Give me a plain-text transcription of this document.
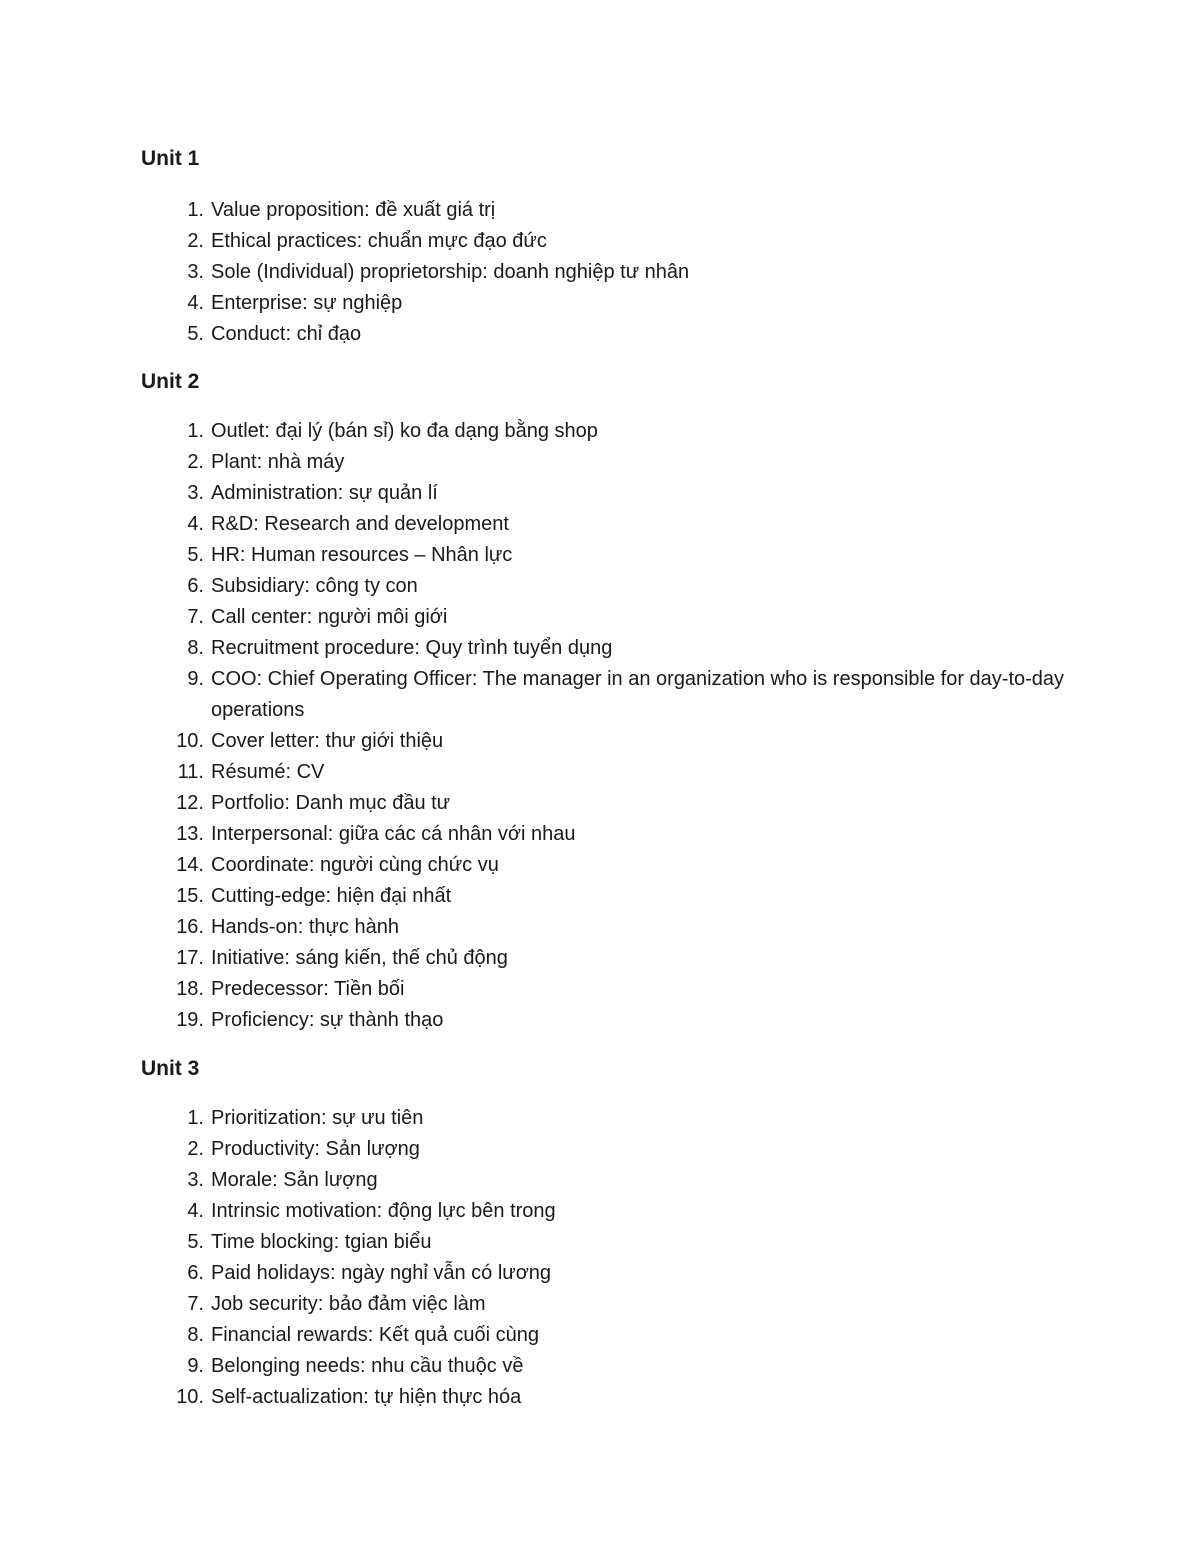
Unit 1
1. Value proposition: đề xuất giá trị
2. Ethical practices: chuẩn mực đạo đức
3. Sole (Individual) proprietorship: doanh nghiệp tư nhân
4. Enterprise: sự nghiệp
5. Conduct: chỉ đạo
Unit 2
1. Outlet: đại lý (bán sỉ) ko đa dạng bằng shop
2. Plant: nhà máy
3. Administration: sự quản lí
4. R&D: Research and development
5. HR: Human resources – Nhân lực
6. Subsidiary: công ty con
7. Call center: người môi giới
8. Recruitment procedure: Quy trình tuyển dụng
9. COO: Chief Operating Officer: The manager in an organization who is responsible for day-to-day operations
10. Cover letter: thư giới thiệu
11. Résumé: CV
12. Portfolio: Danh mục đầu tư
13. Interpersonal: giữa các cá nhân với nhau
14. Coordinate: người cùng chức vụ
15. Cutting-edge: hiện đại nhất
16. Hands-on: thực hành
17. Initiative: sáng kiến, thế chủ động
18. Predecessor: Tiền bối
19. Proficiency: sự thành thạo
Unit 3
1. Prioritization: sự ưu tiên
2. Productivity: Sản lượng
3. Morale: Sản lượng
4. Intrinsic motivation: động lực bên trong
5. Time blocking: tgian biểu
6. Paid holidays: ngày nghỉ vẫn có lương
7. Job security: bảo đảm việc làm
8. Financial rewards: Kết quả cuối cùng
9. Belonging needs: nhu cầu thuộc về
10. Self-actualization: tự hiện thực hóa
